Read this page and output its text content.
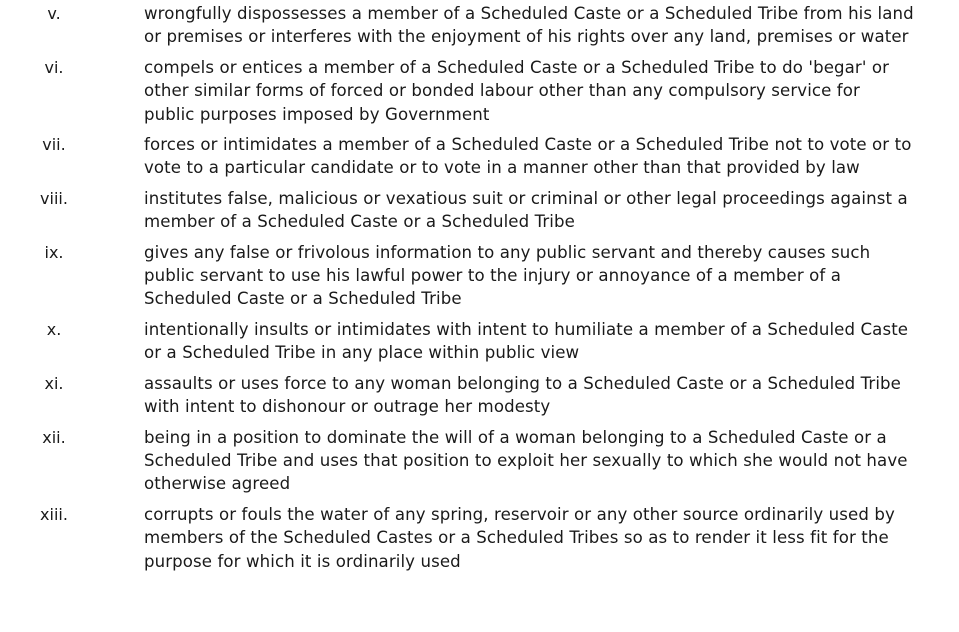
v.	wrongfully dispossesses a member of a Scheduled Caste or a Scheduled Tribe from his land or premises or interferes with the enjoyment of his rights over any land, premises or water
vi.	compels or entices a member of a Scheduled Caste or a Scheduled Tribe to do 'begar' or other similar forms of forced or bonded labour other than any compulsory service for public purposes imposed by Government
vii.	forces or intimidates a member of a Scheduled Caste or a Scheduled Tribe not to vote or to vote to a particular candidate or to vote in a manner other than that provided by law
viii.	institutes false, malicious or vexatious suit or criminal or other legal proceedings against a member of a Scheduled Caste or a Scheduled Tribe
ix.	gives any false or frivolous information to any public servant and thereby causes such public servant to use his lawful power to the injury or annoyance of a member of a Scheduled Caste or a Scheduled Tribe
x.	intentionally insults or intimidates with intent to humiliate a member of a Scheduled Caste or a Scheduled Tribe in any place within public view
xi.	assaults or uses force to any woman belonging to a Scheduled Caste or a Scheduled Tribe with intent to dishonour or outrage her modesty
xii.	being in a position to dominate the will of a woman belonging to a Scheduled Caste or a Scheduled Tribe and uses that position to exploit her sexually to which she would not have otherwise agreed
xiii.	corrupts or fouls the water of any spring, reservoir or any other source ordinarily used by members of the Scheduled Castes or a Scheduled Tribes so as to render it less fit for the purpose for which it is ordinarily used
